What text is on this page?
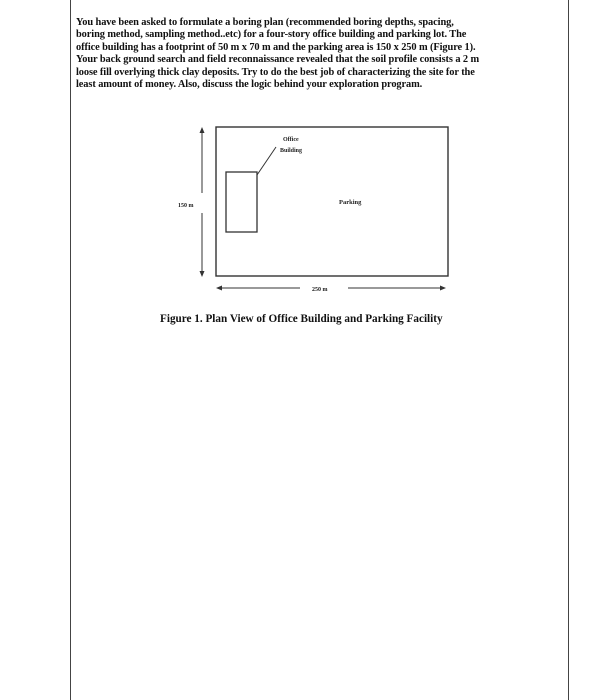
You have been asked to formulate a boring plan (recommended boring depths, spacing,
boring method, sampling method..etc) for a four-story office building and parking lot. The
office building has a footprint of 50 m x 70 m and the parking area is 150 x 250 m (Figure 1).
Your back ground search and field reconnaissance revealed that the soil profile consists a 2 m
loose fill overlying thick clay deposits. Try to do the best job of characterizing the site for the
least amount of money. Also, discuss the logic behind your exploration program.
Office
Building
Parking
150 m
250 m
Figure 1. Plan View of Office Building and Parking Facility
